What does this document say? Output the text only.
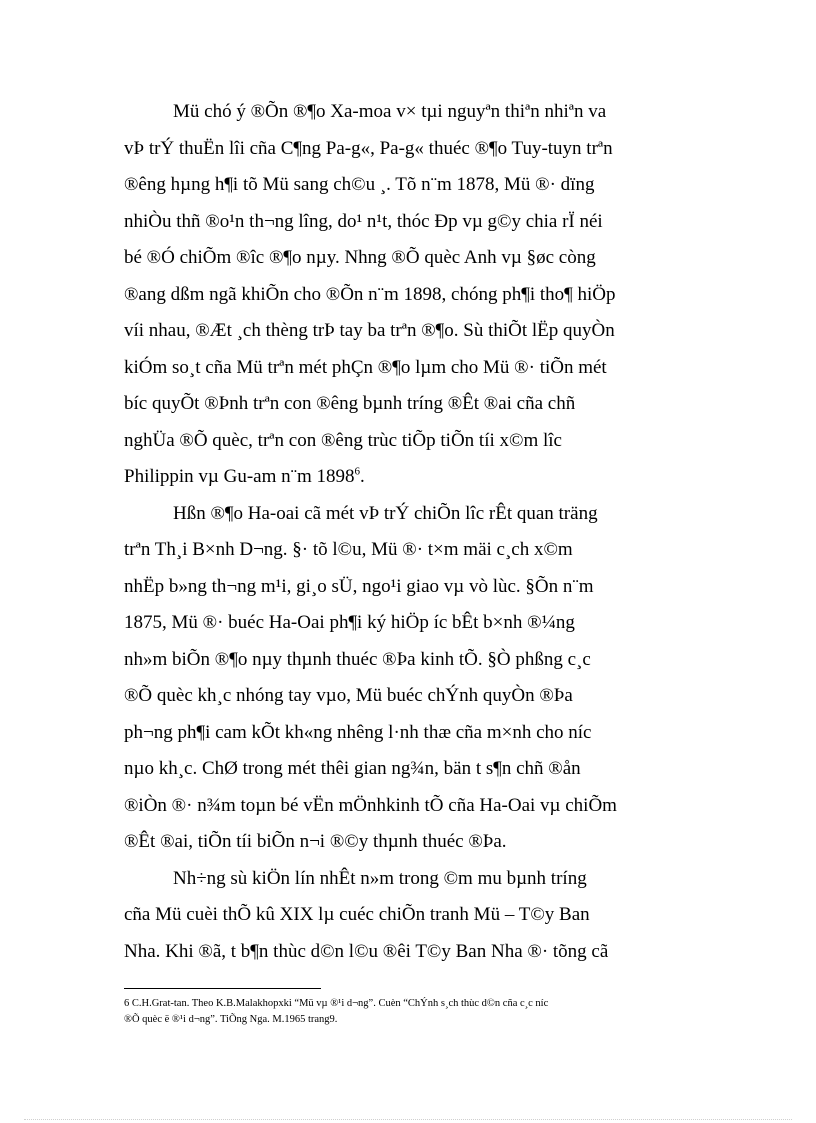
Mü chó ý ®Õn ®¶o Xa-moa v× tµi nguyªn thiªn nhiªn va
vÞ trÝ thuËn lîi cña C¶ng Pa-g«, Pa-g« thuéc ®¶o Tuy-tuyn trªn
®êng hµng h¶i tõ Mü sang ch©u ¸. Tõ n¨m 1878, Mü ®· dïng
nhiÒu thñ ®o¹n th¬ng lîng, do¹ n¹t, thóc Ðp vµ g©y chia rÏ néi
bé ®Ó chiÕm ®îc ®¶o nµy. Nhng ®Õ quèc Anh vµ §øc còng
®ang dßm ngã khiÕn cho ®Õn n¨m 1898, chóng ph¶i tho¶ hiÖp
víi nhau, ®Æt ¸ch thèng trÞ tay ba trªn ®¶o. Sù thiÕt lËp quyÒn
kiÓm so¸t cña Mü trªn mét phÇn ®¶o lµm cho Mü ®· tiÕn mét
bíc quyÕt ®Þnh trªn con ®êng bµnh tríng ®Êt ®ai cña chñ
nghÜa ®Õ quèc, trªn con ®êng trùc tiÕp tiÕn tíi x©m lîc
Philippin vµ Gu-am n¨m 1898$^6$.
Hßn ®¶o Ha-oai cã mét vÞ trÝ chiÕn lîc rÊt quan träng
trªn Th¸i B×nh D¬ng. §· tõ l©u, Mü ®· t×m mäi c¸ch x©m
nhËp b»ng th¬ng m¹i, gi¸o sÜ, ngo¹i giao vµ vò lùc. §Õn n¨m
1875, Mü ®· buéc Ha-Oai ph¶i ký hiÖp íc bÊt b×nh ®¼ng
nh»m biÕn ®¶o nµy thµnh thuéc ®Þa kinh tÕ. §Ò phßng c¸c
®Õ quèc kh¸c nhóng tay vµo, Mü buéc chÝnh quyÒn ®Þa
ph¬ng ph¶i cam kÕt kh«ng nhêng l·nh thæ cña m×nh cho níc
nµo kh¸c. ChØ trong mét thêi gian ng¾n, bän t s¶n chñ ®ån
®iÒn ®· n¾m toµn bé vËn mÖnhkinh tÕ cña Ha-Oai vµ chiÕm
®Êt ®ai, tiÕn tíi biÕn n¬i ®©y thµnh thuéc ®Þa.
Nh÷ng sù kiÖn lín nhÊt n»m trong ©m mu bµnh tríng
cña Mü cuèi thÕ kû XIX lµ cuéc chiÕn tranh Mü – T©y Ban
Nha. Khi ®ã, t b¶n thùc d©n l©u ®êi T©y Ban Nha ®· tõng cã
6 C.H.Grat-tan. Theo K.B.Malakhopxki “Mü vµ ®¹i d¬ng”. Cuèn “ChÝnh s¸ch thùc d©n cña c¸c níc
®Õ quèc ë ®¹i d¬ng”. TiÕng Nga. M.1965 trang9.
